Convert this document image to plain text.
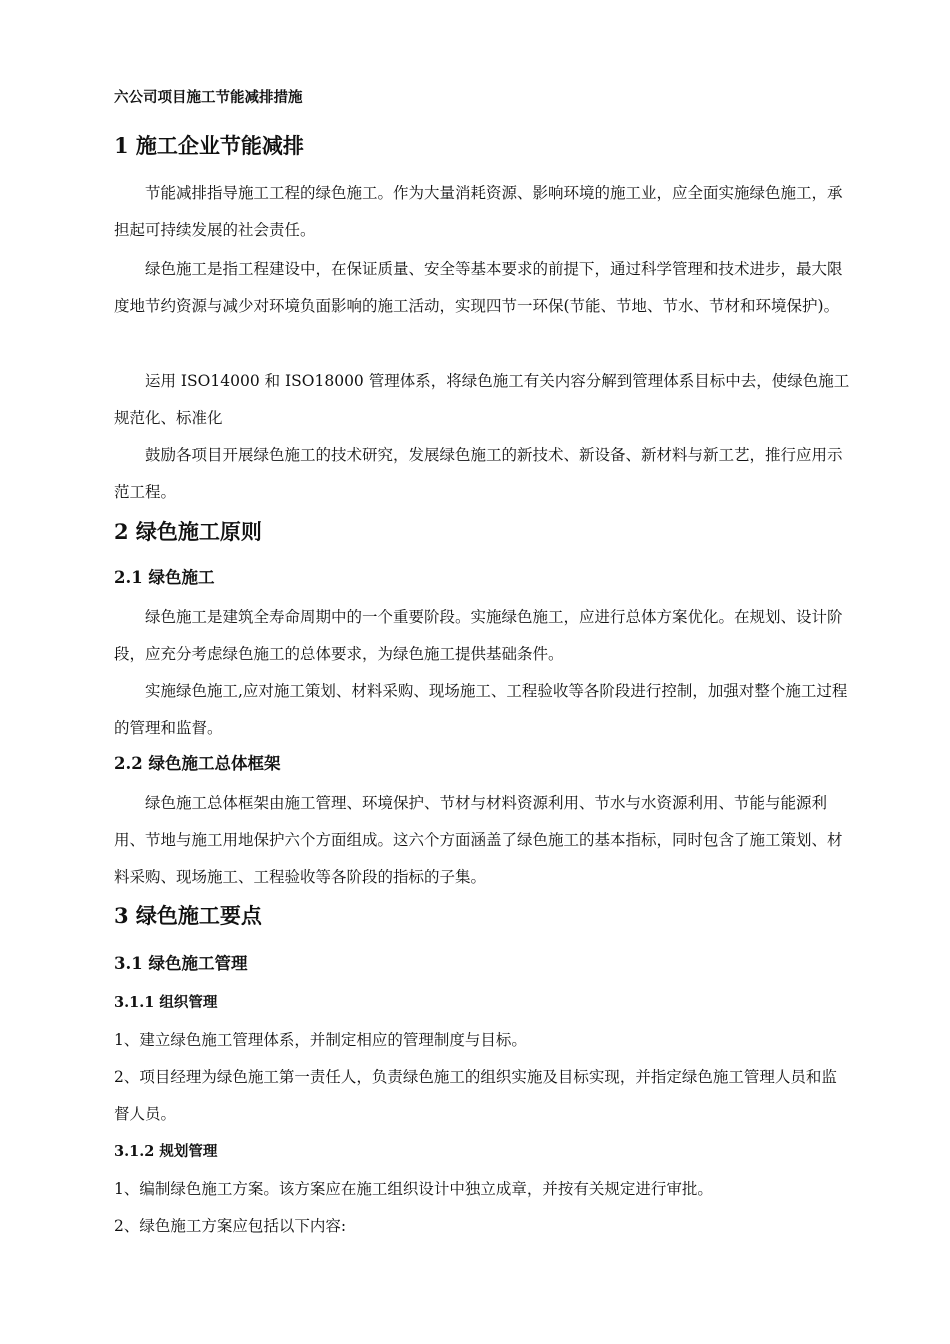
六公司项目施工节能减排措施
1 施工企业节能减排

节能减排指导施工工程的绿色施工。作为大量消耗资源、影响环境的施工业，应全面实施绿色施工，承担起可持续发展的社会责任。

绿色施工是指工程建设中，在保证质量、安全等基本要求的前提下，通过科学管理和技术进步，最大限度地节约资源与减少对环境负面影响的施工活动，实现四节一环保(节能、节地、节水、节材和环境保护)。

运用 ISO14000 和 ISO18000 管理体系，将绿色施工有关内容分解到管理体系目标中去，使绿色施工规范化、标准化

鼓励各项目开展绿色施工的技术研究，发展绿色施工的新技术、新设备、新材料与新工艺，推行应用示范工程。

2 绿色施工原则
2.1 绿色施工

绿色施工是建筑全寿命周期中的一个重要阶段。实施绿色施工，应进行总体方案优化。在规划、设计阶段，应充分考虑绿色施工的总体要求，为绿色施工提供基础条件。

实施绿色施工,应对施工策划、材料采购、现场施工、工程验收等各阶段进行控制，加强对整个施工过程的管理和监督。

2.2 绿色施工总体框架

绿色施工总体框架由施工管理、环境保护、节材与材料资源利用、节水与水资源利用、节能与能源利用、节地与施工用地保护六个方面组成。这六个方面涵盖了绿色施工的基本指标，同时包含了施工策划、材料采购、现场施工、工程验收等各阶段的指标的子集。

3 绿色施工要点
3.1 绿色施工管理
3.1.1 组织管理

1、建立绿色施工管理体系，并制定相应的管理制度与目标。

2、项目经理为绿色施工第一责任人，负责绿色施工的组织实施及目标实现，并指定绿色施工管理人员和监督人员。

3.1.2 规划管理

1、编制绿色施工方案。该方案应在施工组织设计中独立成章，并按有关规定进行审批。

2、绿色施工方案应包括以下内容:
